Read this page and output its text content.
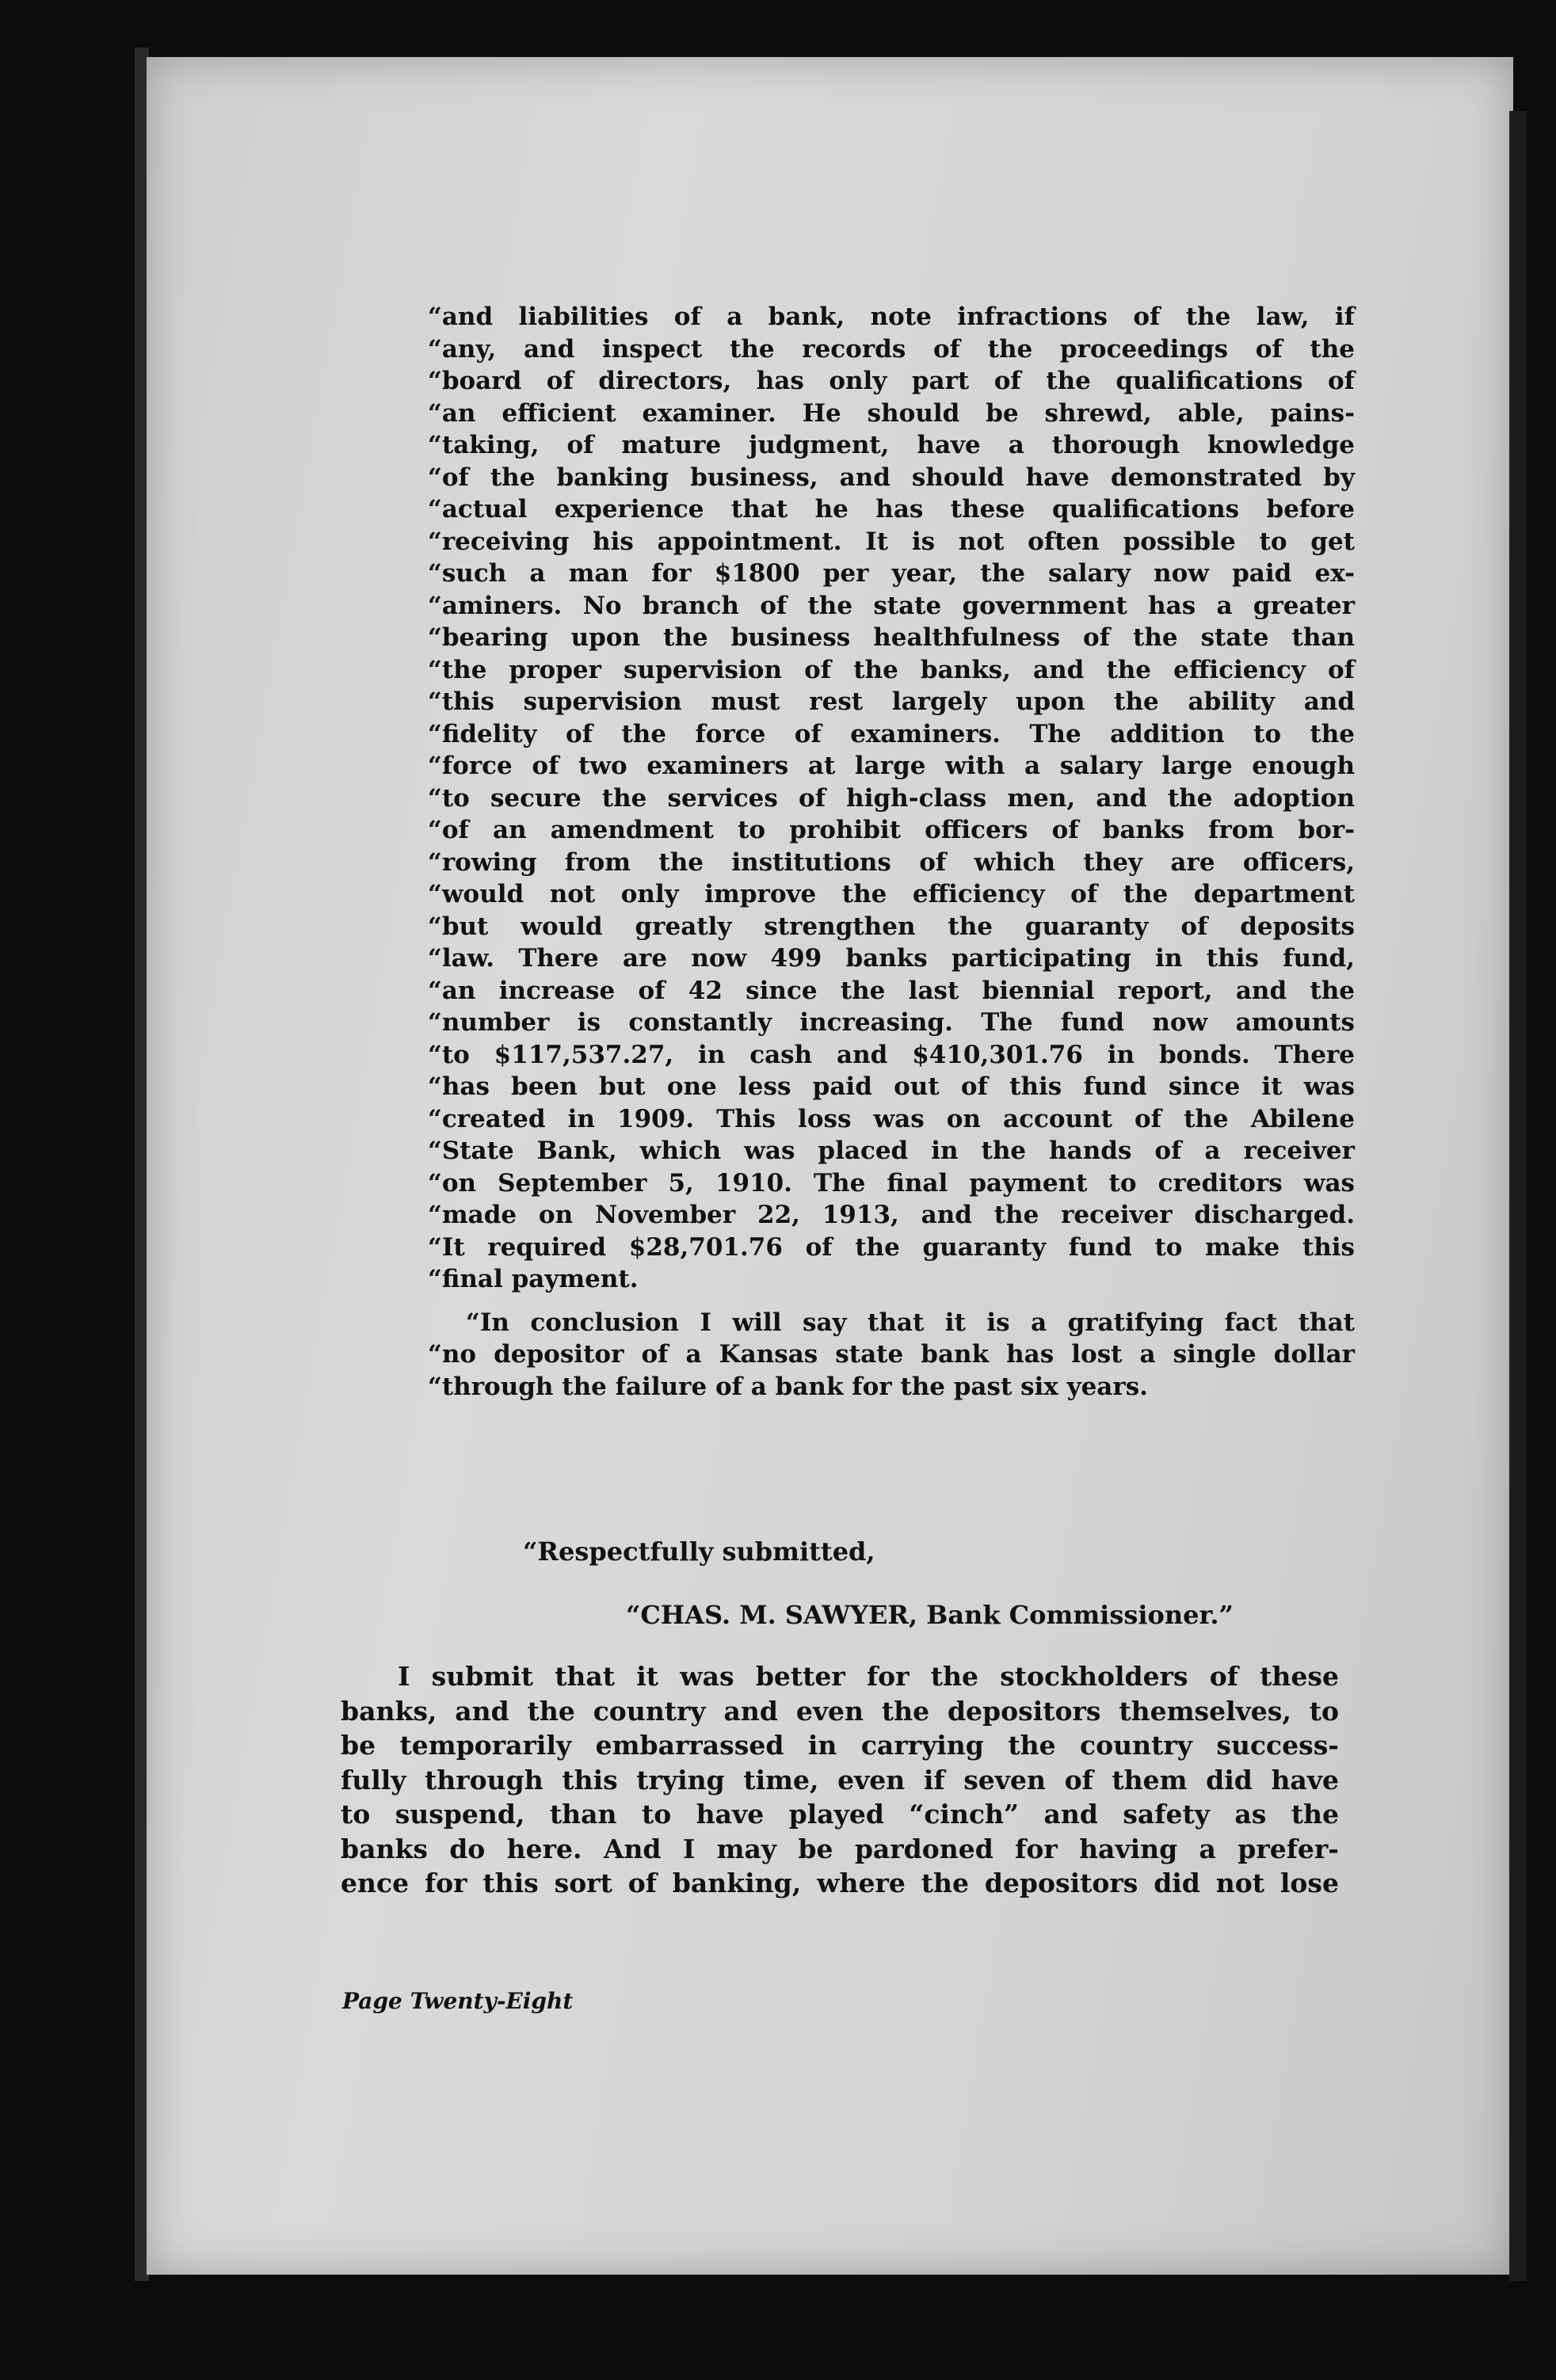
“and liabilities of a bank, note infractions of the law, if
“any, and inspect the records of the proceedings of the
“board of directors, has only part of the qualifications of
“an efficient examiner. He should be shrewd, able, pains-
“taking, of mature judgment, have a thorough knowledge
“of the banking business, and should have demonstrated by
“actual experience that he has these qualifications before
“receiving his appointment. It is not often possible to get
“such a man for $1800 per year, the salary now paid ex-
“aminers. No branch of the state government has a greater
“bearing upon the business healthfulness of the state than
“the proper supervision of the banks, and the efficiency of
“this supervision must rest largely upon the ability and
“fidelity of the force of examiners. The addition to the
“force of two examiners at large with a salary large enough
“to secure the services of high-class men, and the adoption
“of an amendment to prohibit officers of banks from bor-
“rowing from the institutions of which they are officers,
“would not only improve the efficiency of the department
“but would greatly strengthen the guaranty of deposits
“law. There are now 499 banks participating in this fund,
“an increase of 42 since the last biennial report, and the
“number is constantly increasing. The fund now amounts
“to $117,537.27, in cash and $410,301.76 in bonds. There
“has been but one less paid out of this fund since it was
“created in 1909. This loss was on account of the Abilene
“State Bank, which was placed in the hands of a receiver
“on September 5, 1910. The final payment to creditors was
“made on November 22, 1913, and the receiver discharged.
“It required $28,701.76 of the guaranty fund to make this
“final payment.
“In conclusion I will say that it is a gratifying fact that
“no depositor of a Kansas state bank has lost a single dollar
“through the failure of a bank for the past six years.
“Respectfully submitted,
“CHAS. M. SAWYER, Bank Commissioner.”
I submit that it was better for the stockholders of these
banks, and the country and even the depositors themselves, to
be temporarily embarrassed in carrying the country success-
fully through this trying time, even if seven of them did have
to suspend, than to have played “cinch” and safety as the
banks do here. And I may be pardoned for having a prefer-
ence for this sort of banking, where the depositors did not lose
Page Twenty-Eight
